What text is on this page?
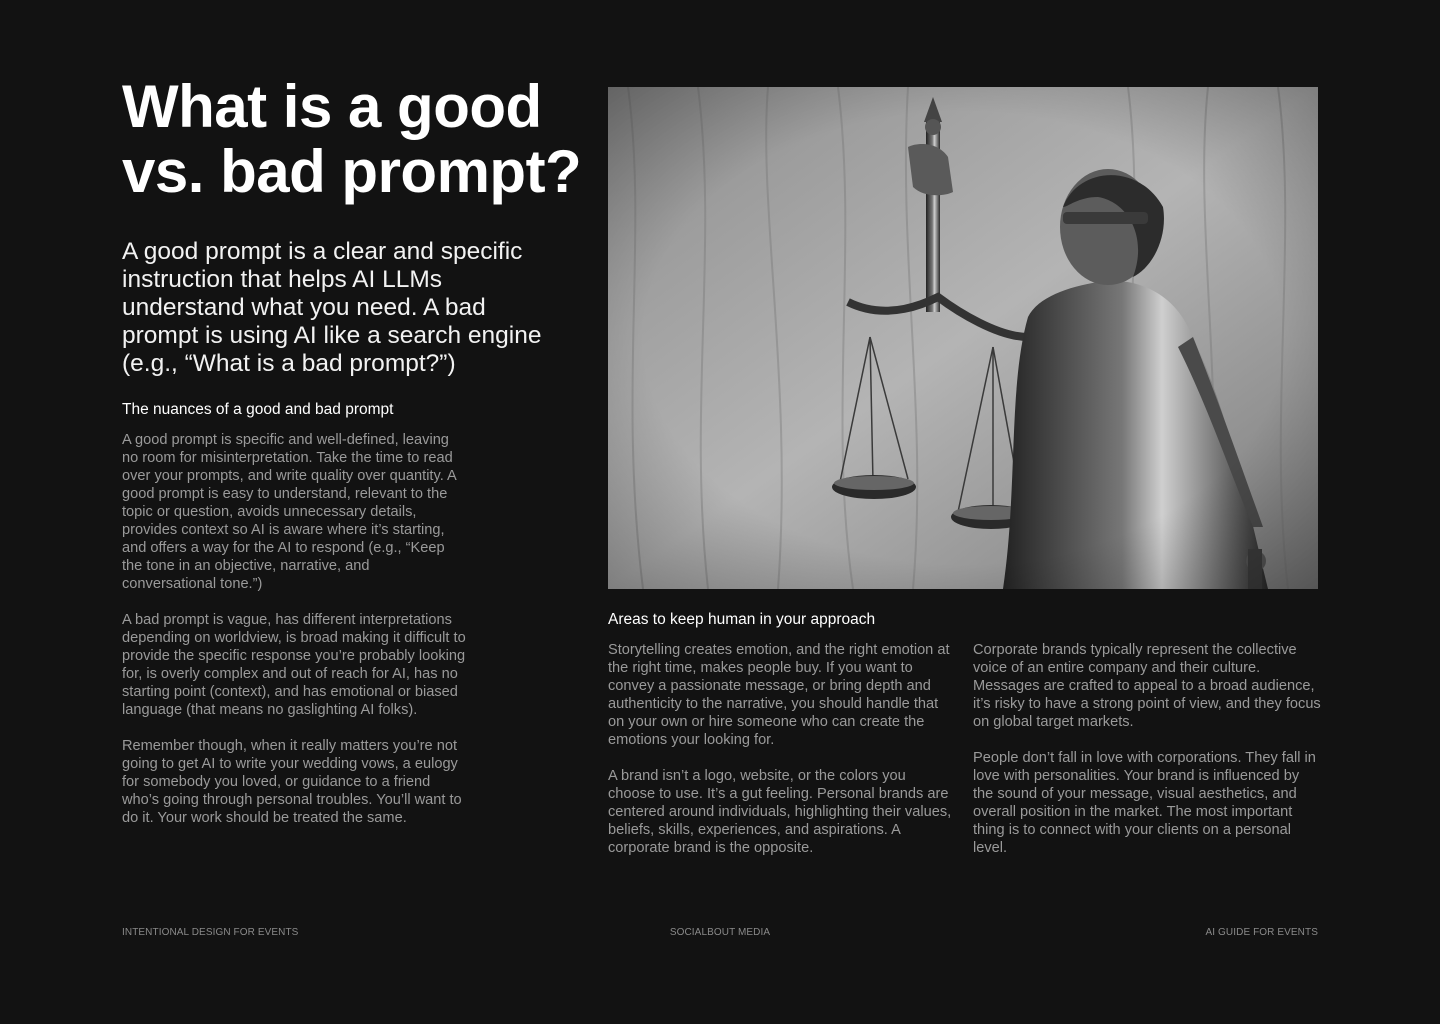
What is a good
vs. bad prompt?

A good prompt is a clear and specific instruction that helps AI LLMs understand what you need. A bad prompt is using AI like a search engine (e.g., “What is a bad prompt?”)

The nuances of a good and bad prompt

A good prompt is specific and well-defined, leaving no room for misinterpretation. Take the time to read over your prompts, and write quality over quantity. A good prompt is easy to understand, relevant to the topic or question, avoids unnecessary details, provides context so AI is aware where it’s starting, and offers a way for the AI to respond (e.g., “Keep the tone in an objective, narrative, and conversational tone.”)

A bad prompt is vague, has different interpretations depending on worldview, is broad making it difficult to provide the specific response you’re probably looking for, is overly complex and out of reach for AI, has no starting point (context), and has emotional or biased language (that means no gaslighting AI folks).

Remember though, when it really matters you’re not going to get AI to write your wedding vows, a eulogy for somebody you loved, or guidance to a friend who’s going through personal troubles. You’ll want to do it. Your work should be treated the same.

Areas to keep human in your approach

Storytelling creates emotion, and the right emotion at the right time, makes people buy. If you want to convey a passionate message, or bring depth and authenticity to the narrative, you should handle that on your own or hire someone who can create the emotions your looking for.

A brand isn’t a logo, website, or the colors you choose to use. It’s a gut feeling. Personal brands are centered around individuals, highlighting their values, beliefs, skills, experiences, and aspirations. A corporate brand is the opposite.

Corporate brands typically represent the collective voice of an entire company and their culture. Messages are crafted to appeal to a broad audience, it’s risky to have a strong point of view, and they focus on global target markets.

People don’t fall in love with corporations. They fall in love with personalities. Your brand is influenced by the sound of your message, visual aesthetics, and overall position in the market. The most important thing is to connect with your clients on a personal level.

INTENTIONAL DESIGN FOR EVENTS	SOCIALBOUT MEDIA	AI GUIDE FOR EVENTS
